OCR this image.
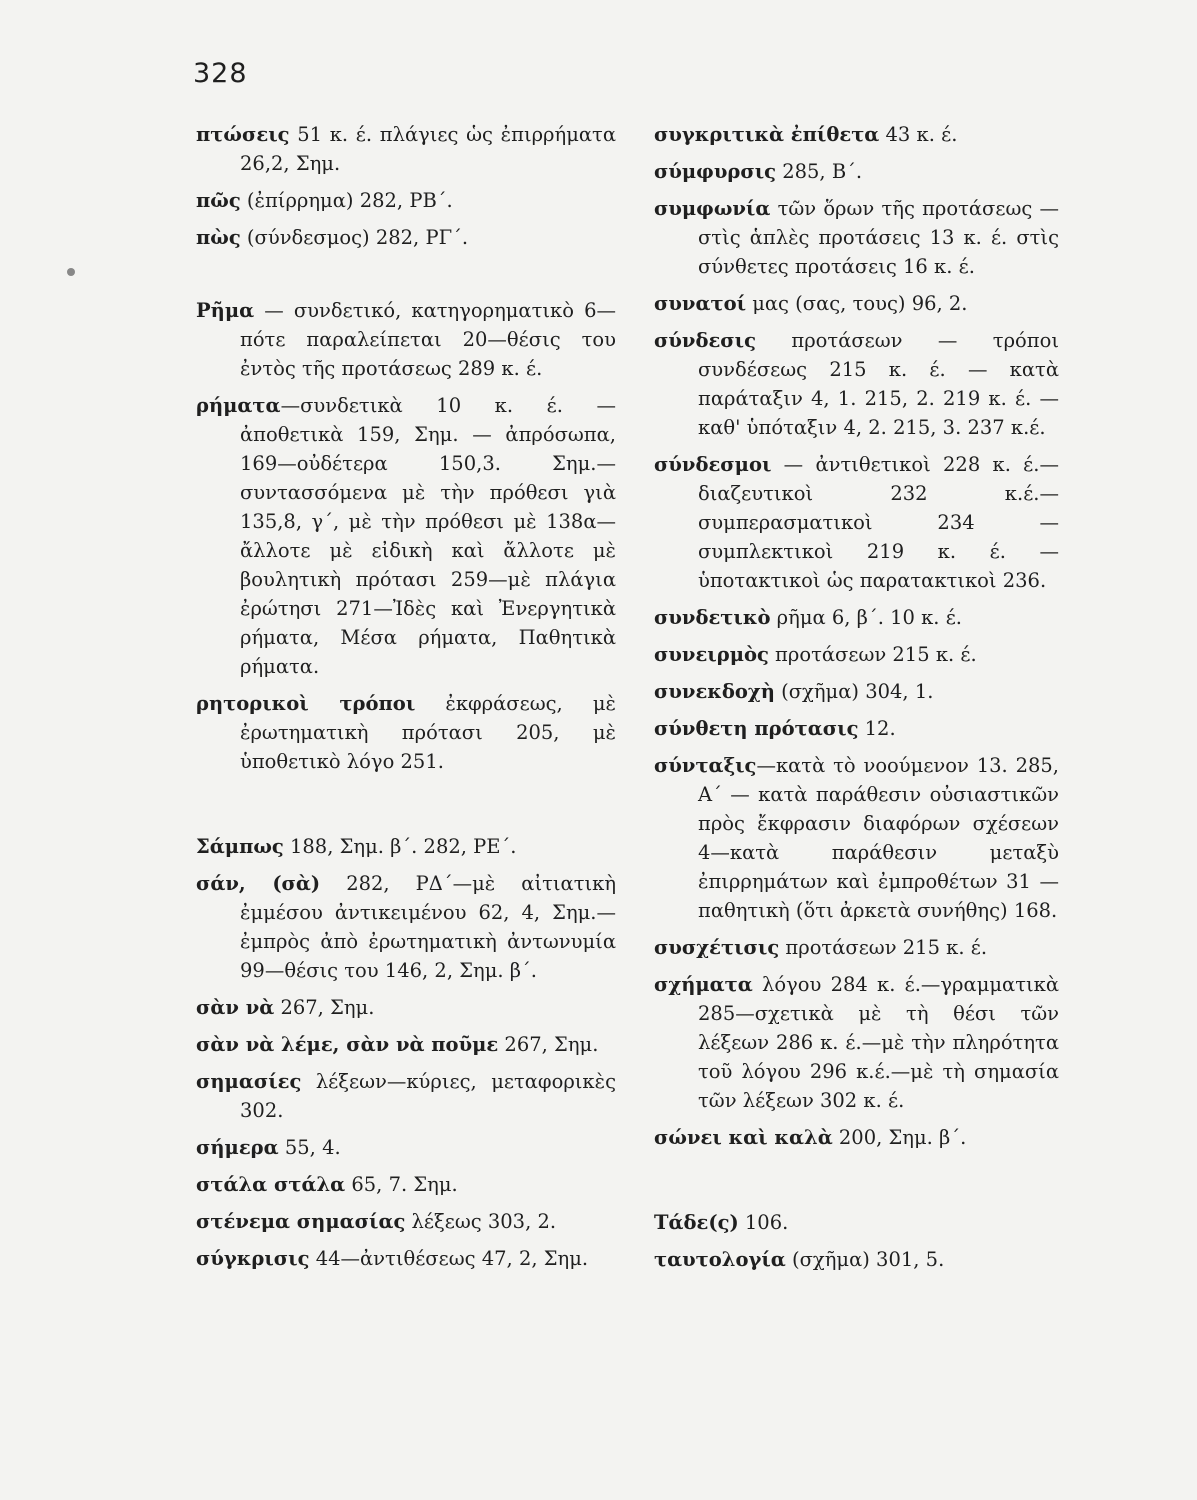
328
πτώσεις 51 κ. έ. πλάγιες ὡς ἐπιρρήματα 26,2, Σημ.
πῶς (ἐπίρρημα) 282, ΡΒ΄.
πὼς (σύνδεσμος) 282, ΡΓ΄.
Ρῆμα — συνδετικό, κατηγορηματικὸ 6—πότε παραλείπεται 20—θέσις του ἐντὸς τῆς προτάσεως 289 κ. έ.
ρήματα—συνδετικὰ 10 κ. έ. — ἀποθετικὰ 159, Σημ. — ἀπρόσωπα, 169—οὐδέτερα 150,3. Σημ.—συντασσόμενα μὲ τὴν πρόθεσι γιὰ 135,8, γ΄, μὲ τὴν πρόθεσι μὲ 138α—ἄλλοτε μὲ εἰδικὴ καὶ ἄλλοτε μὲ βουλητικὴ πρότασι 259—μὲ πλάγια ἐρώτησι 271—Ἰδὲς καὶ Ἐνεργητικὰ ρήματα, Μέσα ρήματα, Παθητικὰ ρήματα.
ρητορικοὶ τρόποι ἐκφράσεως, μὲ ἐρωτηματικὴ πρότασι 205, μὲ ὑποθετικὸ λόγο 251.
Σάμπως 188, Σημ. β΄. 282, ΡΕ΄.
σάν, (σὰ) 282, ΡΔ΄—μὲ αἰτιατικὴ ἐμμέσου ἀντικειμένου 62, 4, Σημ.—ἐμπρὸς ἀπὸ ἐρωτηματικὴ ἀντωνυμία 99—θέσις του 146, 2, Σημ. β΄.
σὰν νὰ 267, Σημ.
σὰν νὰ λέμε, σὰν νὰ ποῦμε 267, Σημ.
σημασίες λέξεων—κύριες, μεταφορικὲς 302.
σήμερα 55, 4.
στάλα στάλα 65, 7. Σημ.
στένεμα σημασίας λέξεως 303, 2.
σύγκρισις 44—ἀντιθέσεως 47, 2, Σημ.
συγκριτικὰ ἐπίθετα 43 κ. έ.
σύμφυρσις 285, Β΄.
συμφωνία τῶν ὅρων τῆς προτάσεως —στὶς ἁπλὲς προτάσεις 13 κ. έ. στὶς σύνθετες προτάσεις 16 κ. έ.
συνατοί μας (σας, τους) 96, 2.
σύνδεσις προτάσεων — τρόποι συνδέσεως 215 κ. έ. — κατὰ παράταξιν 4, 1. 215, 2. 219 κ. έ. — καθ' ὑπόταξιν 4, 2. 215, 3. 237 κ.έ.
σύνδεσμοι — ἀντιθετικοὶ 228 κ. έ.— διαζευτικοὶ 232 κ.έ.— συμπερασματικοὶ 234 — συμπλεκτικοὶ 219 κ. έ. —ὑποτακτικοὶ ὡς παρατακτικοὶ 236.
συνδετικὸ ρῆμα 6, β΄. 10 κ. έ.
συνειρμὸς προτάσεων 215 κ. έ.
συνεκδοχὴ (σχῆμα) 304, 1.
σύνθετη πρότασις 12.
σύνταξις—κατὰ τὸ νοούμενον 13. 285, Α΄ — κατὰ παράθεσιν οὐσιαστικῶν πρὸς ἔκφρασιν διαφόρων σχέσεων 4—κατὰ παράθεσιν μεταξὺ ἐπιρρημάτων καὶ ἐμπροθέτων 31 — παθητικὴ (ὅτι ἀρκετὰ συνήθης) 168.
συσχέτισις προτάσεων 215 κ. έ.
σχήματα λόγου 284 κ. έ.—γραμματικὰ 285—σχετικὰ μὲ τὴ θέσι τῶν λέξεων 286 κ. έ.—μὲ τὴν πληρότητα τοῦ λόγου 296 κ.έ.—μὲ τὴ σημασία τῶν λέξεων 302 κ. έ.
σώνει καὶ καλὰ 200, Σημ. β΄.
Τάδε(ς) 106.
ταυτολογία (σχῆμα) 301, 5.
